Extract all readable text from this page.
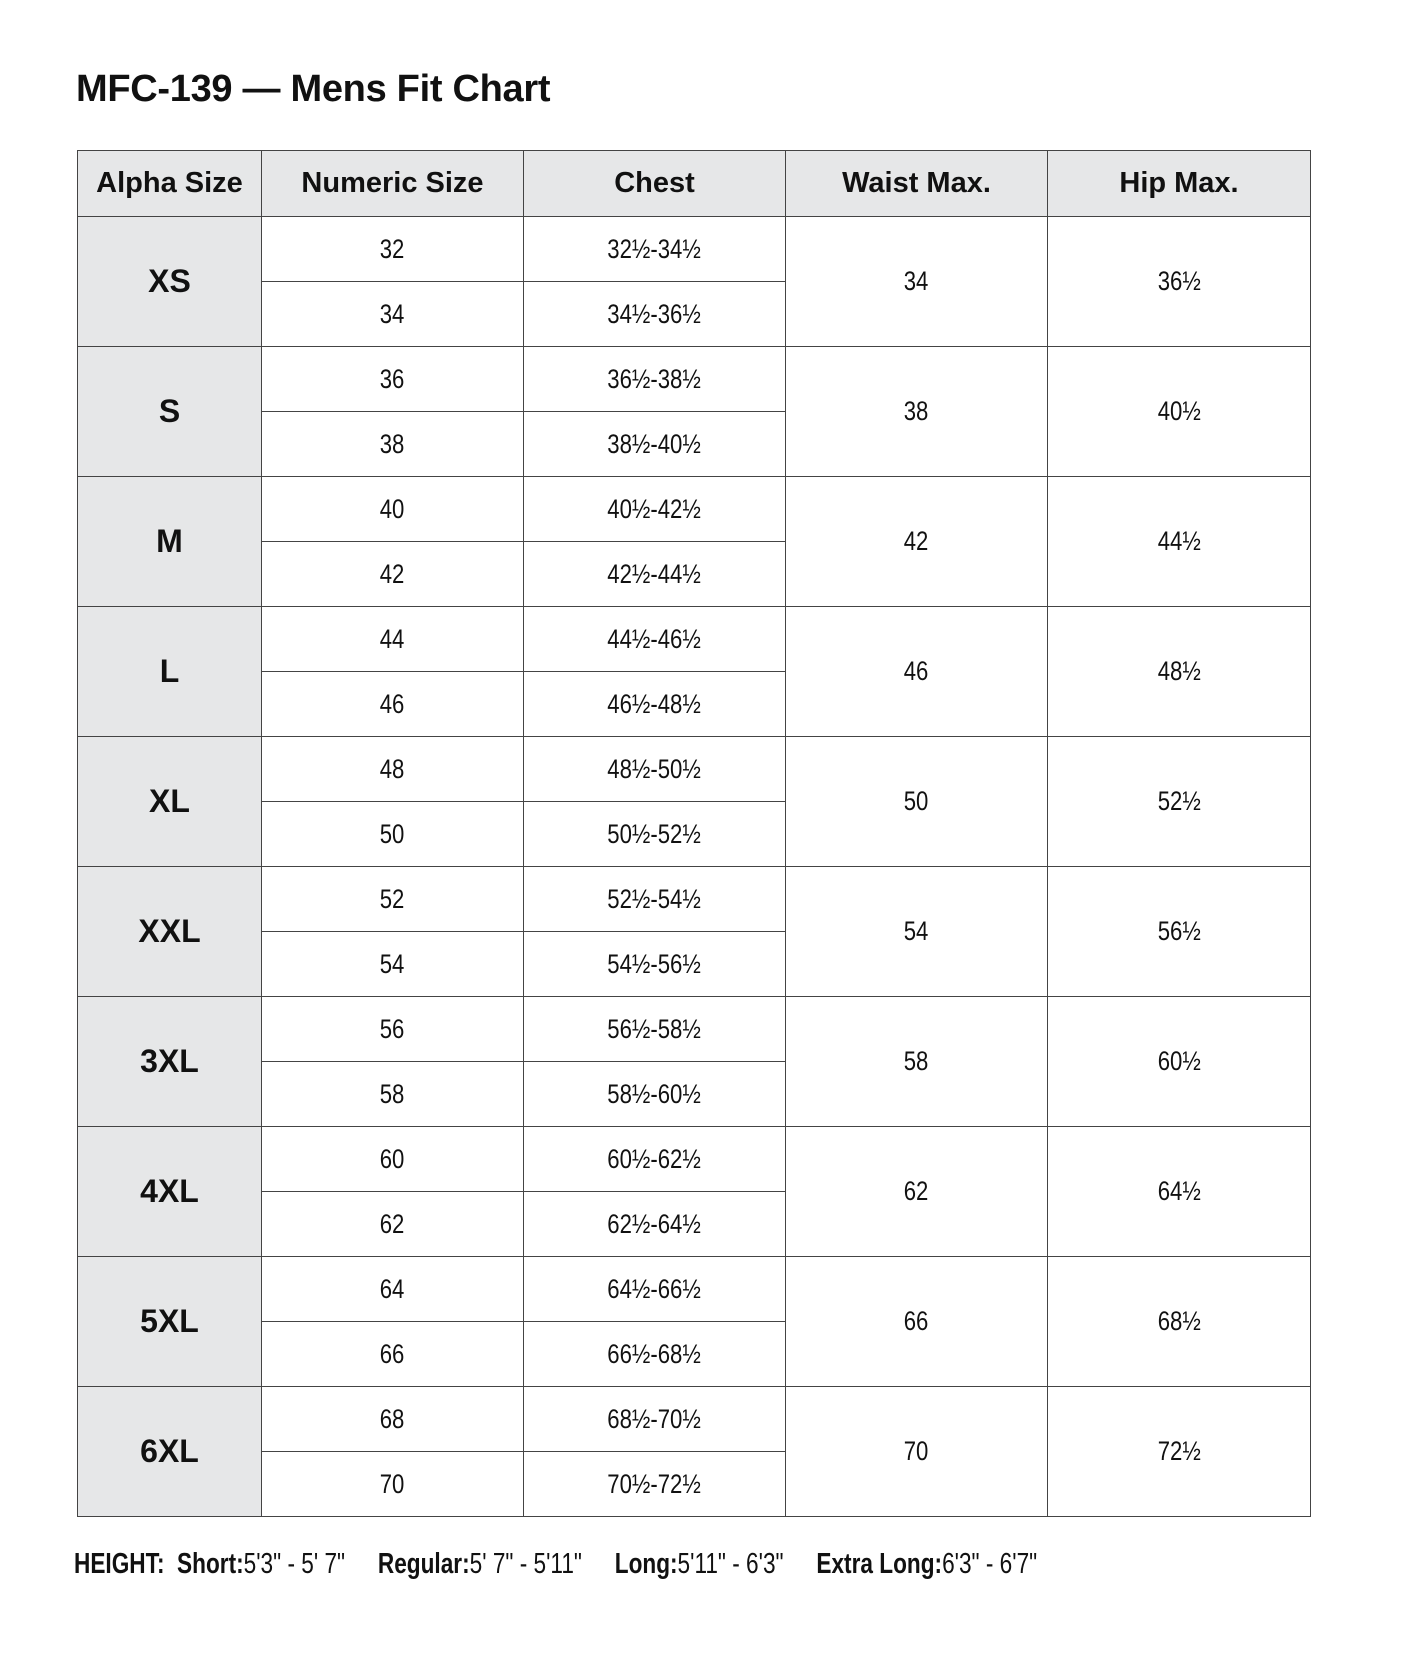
MFC-139 — Mens Fit Chart
Alpha Size	Numeric Size	Chest	Waist Max.	Hip Max.
XS	32	32½-34½	34	36½
	34	34½-36½		
S	36	36½-38½	38	40½
	38	38½-40½		
M	40	40½-42½	42	44½
	42	42½-44½		
L	44	44½-46½	46	48½
	46	46½-48½		
XL	48	48½-50½	50	52½
	50	50½-52½		
XXL	52	52½-54½	54	56½
	54	54½-56½		
3XL	56	56½-58½	58	60½
	58	58½-60½		
4XL	60	60½-62½	62	64½
	62	62½-64½		
5XL	64	64½-66½	66	68½
	66	66½-68½		
6XL	68	68½-70½	70	72½
	70	70½-72½		
HEIGHT: Short:5'3" - 5' 7" Regular:5' 7" - 5'11" Long:5'11" - 6'3" Extra Long:6'3" - 6'7"
